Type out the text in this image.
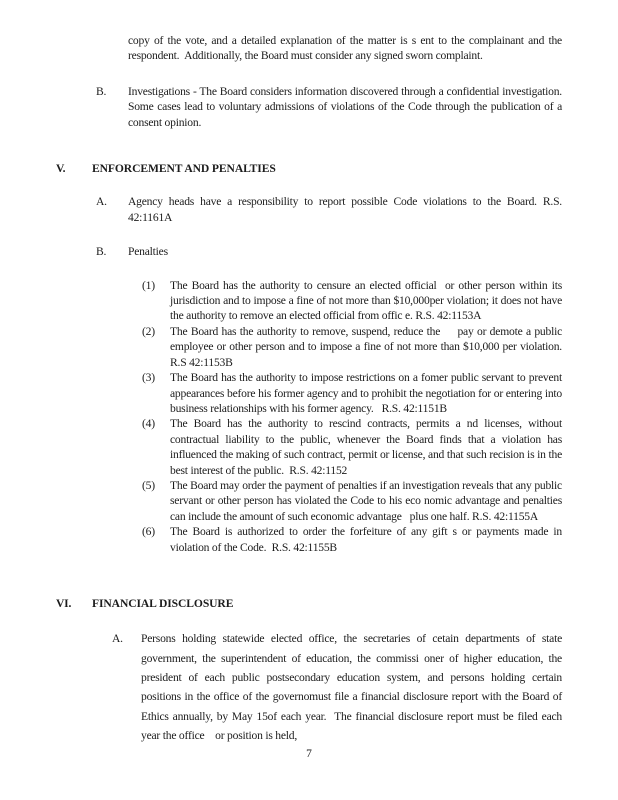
copy of the vote, and a detailed explanation of the matter is s ent to the complainant and the respondent.  Additionally, the Board must consider any signed sworn complaint.
B.	Investigations - The Board considers information discovered through a confidential investigation.  Some cases lead to voluntary admissions of violations of the Code through the publication of a consent opinion.
V.	ENFORCEMENT AND PENALTIES
A.	Agency heads have a responsibility to report possible Code violations to the Board. R.S. 42:1161A
B.	Penalties
(1)	The Board has the authority to censure an elected official  or other person within its jurisdiction and to impose a fine of not more than $10,000per violation; it does not have the authority to remove an elected official from offic e. R.S. 42:1153A
(2)	The Board has the authority to remove, suspend, reduce the     pay or demote a public employee or other person and to impose a fine of not more than $10,000 per violation.  R.S 42:1153B
(3)	The Board has the authority to impose restrictions on a fomer public servant to prevent appearances before his former agency and to prohibit the negotiation for or entering into business relationships with his former agency.   R.S. 42:1151B
(4)	The Board has the authority to rescind contracts, permits a nd licenses, without contractual liability to the public, whenever the Board finds that a violation has influenced the making of such contract, permit or license, and that such recision is in the best interest of the public.  R.S. 42:1152
(5)	The Board may order the payment of penalties if an investigation reveals that any public servant or other person has violated the Code to his eco nomic advantage and penalties can include the amount of such economic advantage   plus one half. R.S. 42:1155A
(6)	The Board is authorized to order the forfeiture of any gift s or payments made in violation of the Code.  R.S. 42:1155B
VI.	FINANCIAL DISCLOSURE
A.	Persons holding statewide elected office, the secretaries of cetain departments of state government, the superintendent of education, the commissi oner of higher education, the president of each public postsecondary education system, and persons holding certain positions in the office of the governomust file a financial disclosure report with the Board of Ethics annually, by May 15of each year.  The financial disclosure report must be filed each year the office    or position is held,
7
